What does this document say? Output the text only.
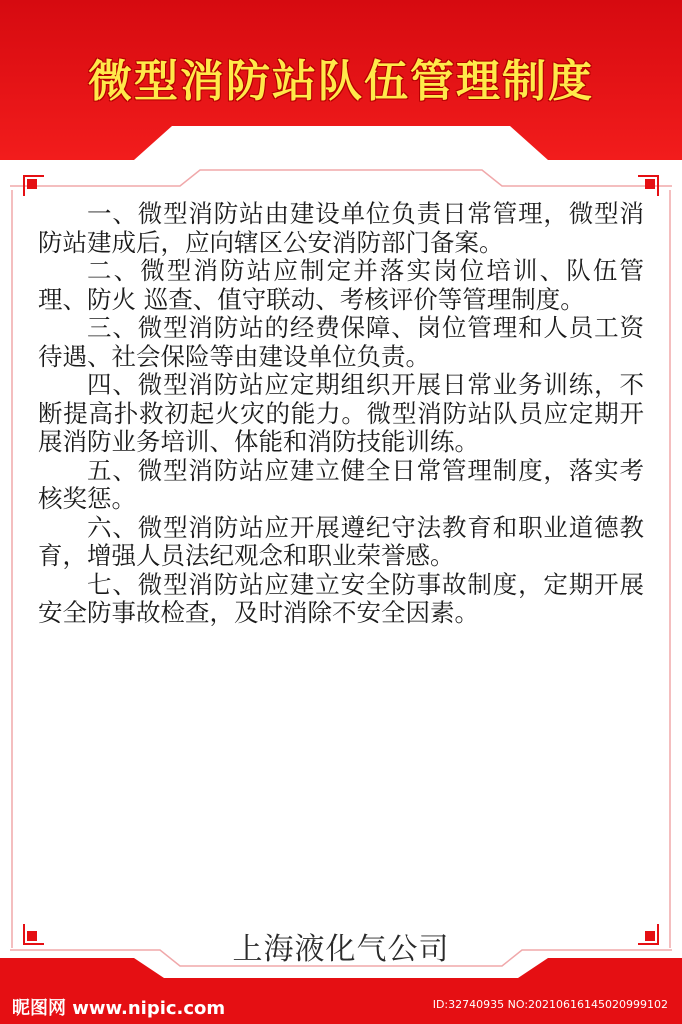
微型消防站队伍管理制度

一、微型消防站由建设单位负责日常管理，微型消防站建成后，应向辖区公安消防部门备案。

二、微型消防站应制定并落实岗位培训、队伍管理、防火 巡查、值守联动、考核评价等管理制度。

三、微型消防站的经费保障、岗位管理和人员工资待遇、社会保险等由建设单位负责。

四、微型消防站应定期组织开展日常业务训练，不断提高扑救初起火灾的能力。微型消防站队员应定期开展消防业务培训、体能和消防技能训练。

五、微型消防站应建立健全日常管理制度，落实考核奖惩。

六、微型消防站应开展遵纪守法教育和职业道德教育，增强人员法纪观念和职业荣誉感。

七、微型消防站应建立安全防事故制度，定期开展安全防事故检查，及时消除不安全因素。

上海液化气公司
昵图网 www.nipic.com	ID:32740935 NO:20210616145020999102
